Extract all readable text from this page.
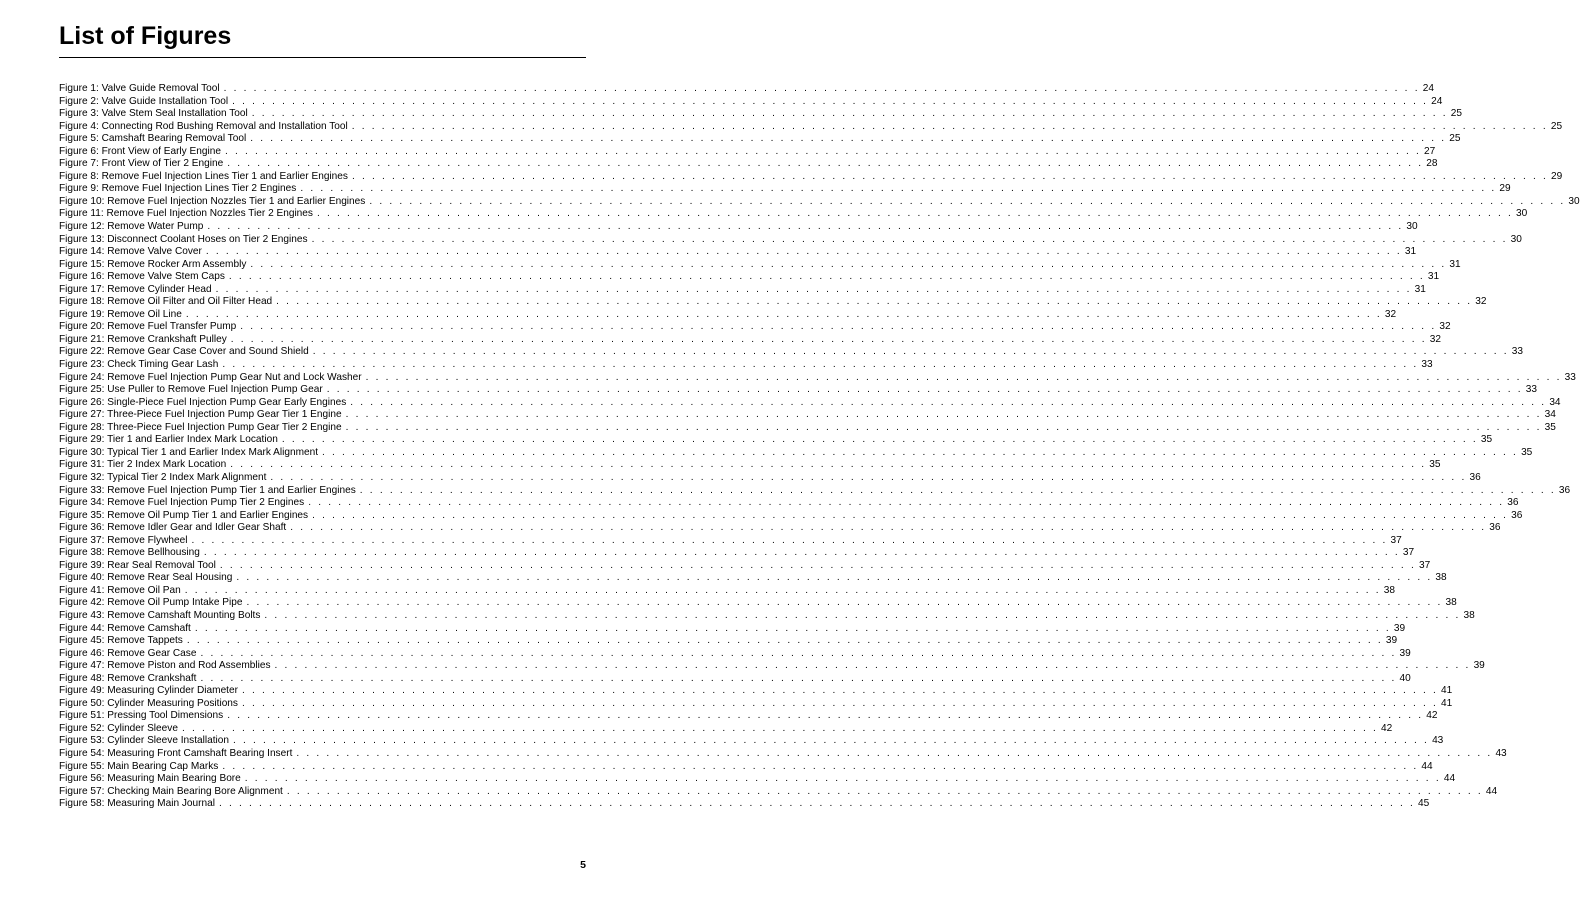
List of Figures
Figure 1: Valve Guide Removal Tool . . . . . . . . . . . . . . . . . . . . . . . . . . . . . . . . . . . . . . . . . . . . . . . . . . . . . . . . . . . . . . . . . . . . . . . . . . . . . . . . . . . . . . . . . . . . . . . . . . . . . . . . . . . . . . . . . . . . . . . . 24
Figure 2: Valve Guide Installation Tool . . . . . . . . . . . . . . . . . . . . . . . . . . . . . . . . . . . . . . . . . . . . . . . . . . . . . . . . . . . . . . . . . . . . . . . . . . . . . . . . . . . . . . . . . . . . . . . . . . . . . . . . . . . . . . . . . . . . . . . . 24
Figure 3: Valve Stem Seal Installation Tool . . . . . . . . . . . . . . . . . . . . . . . . . . . . . . . . . . . . . . . . . . . . . . . . . . . . . . . . . . . . . . . . . . . . . . . . . . . . . . . . . . . . . . . . . . . . . . . . . . . . . . . . . . . . . . . . . . . . . . . . 25
Figure 4: Connecting Rod Bushing Removal and Installation Tool . . . . . . . . . . . . . . . . . . . . . . . . . . . . . . . . . . . . . . . . . . . . . . . . . . . . . . . . . . . . . . . . . . . . . . . . . . . . . . . . . . . . . . . . . . . . . . . . . . . . . . . . . . . . . . . . . . . . . . . . 25
Figure 5: Camshaft Bearing Removal Tool . . . . . . . . . . . . . . . . . . . . . . . . . . . . . . . . . . . . . . . . . . . . . . . . . . . . . . . . . . . . . . . . . . . . . . . . . . . . . . . . . . . . . . . . . . . . . . . . . . . . . . . . . . . . . . . . . . . . . . . . 25
Figure 6: Front View of Early Engine . . . . . . . . . . . . . . . . . . . . . . . . . . . . . . . . . . . . . . . . . . . . . . . . . . . . . . . . . . . . . . . . . . . . . . . . . . . . . . . . . . . . . . . . . . . . . . . . . . . . . . . . . . . . . . . . . . . . . . . . 27
Figure 7: Front View of Tier 2 Engine . . . . . . . . . . . . . . . . . . . . . . . . . . . . . . . . . . . . . . . . . . . . . . . . . . . . . . . . . . . . . . . . . . . . . . . . . . . . . . . . . . . . . . . . . . . . . . . . . . . . . . . . . . . . . . . . . . . . . . . . 28
Figure 8: Remove Fuel Injection Lines Tier 1 and Earlier Engines . . . . . . . . . . . . . . . . . . . . . . . . . . . . . . . . . . . . . . . . . . . . . . . . . . . . . . . . . . . . . . . . . . . . . . . . . . . . . . . . . . . . . . . . . . . . . . . . . . . . . . . . . . . . . . . . . . . . . . . . 29
Figure 9: Remove Fuel Injection Lines Tier 2 Engines . . . . . . . . . . . . . . . . . . . . . . . . . . . . . . . . . . . . . . . . . . . . . . . . . . . . . . . . . . . . . . . . . . . . . . . . . . . . . . . . . . . . . . . . . . . . . . . . . . . . . . . . . . . . . . . . . . . . . . . . 29
Figure 10: Remove Fuel Injection Nozzles Tier 1 and Earlier Engines . . . . . . . . . . . . . . . . . . . . . . . . . . . . . . . . . . . . . . . . . . . . . . . . . . . . . . . . . . . . . . . . . . . . . . . . . . . . . . . . . . . . . . . . . . . . . . . . . . . . . . . . . . . . . . . . . . . . . . . . 30
Figure 11: Remove Fuel Injection Nozzles Tier 2 Engines . . . . . . . . . . . . . . . . . . . . . . . . . . . . . . . . . . . . . . . . . . . . . . . . . . . . . . . . . . . . . . . . . . . . . . . . . . . . . . . . . . . . . . . . . . . . . . . . . . . . . . . . . . . . . . . . . . . . . . . . 30
Figure 12: Remove Water Pump . . . . . . . . . . . . . . . . . . . . . . . . . . . . . . . . . . . . . . . . . . . . . . . . . . . . . . . . . . . . . . . . . . . . . . . . . . . . . . . . . . . . . . . . . . . . . . . . . . . . . . . . . . . . . . . . . . . . . . . . 30
Figure 13: Disconnect Coolant Hoses on Tier 2 Engines . . . . . . . . . . . . . . . . . . . . . . . . . . . . . . . . . . . . . . . . . . . . . . . . . . . . . . . . . . . . . . . . . . . . . . . . . . . . . . . . . . . . . . . . . . . . . . . . . . . . . . . . . . . . . . . . . . . . . . . . 30
Figure 14: Remove Valve Cover . . . . . . . . . . . . . . . . . . . . . . . . . . . . . . . . . . . . . . . . . . . . . . . . . . . . . . . . . . . . . . . . . . . . . . . . . . . . . . . . . . . . . . . . . . . . . . . . . . . . . . . . . . . . . . . . . . . . . . . . 31
Figure 15: Remove Rocker Arm Assembly . . . . . . . . . . . . . . . . . . . . . . . . . . . . . . . . . . . . . . . . . . . . . . . . . . . . . . . . . . . . . . . . . . . . . . . . . . . . . . . . . . . . . . . . . . . . . . . . . . . . . . . . . . . . . . . . . . . . . . . . 31
Figure 16: Remove Valve Stem Caps . . . . . . . . . . . . . . . . . . . . . . . . . . . . . . . . . . . . . . . . . . . . . . . . . . . . . . . . . . . . . . . . . . . . . . . . . . . . . . . . . . . . . . . . . . . . . . . . . . . . . . . . . . . . . . . . . . . . . . . . 31
Figure 17: Remove Cylinder Head . . . . . . . . . . . . . . . . . . . . . . . . . . . . . . . . . . . . . . . . . . . . . . . . . . . . . . . . . . . . . . . . . . . . . . . . . . . . . . . . . . . . . . . . . . . . . . . . . . . . . . . . . . . . . . . . . . . . . . . . 31
Figure 18: Remove Oil Filter and Oil Filter Head . . . . . . . . . . . . . . . . . . . . . . . . . . . . . . . . . . . . . . . . . . . . . . . . . . . . . . . . . . . . . . . . . . . . . . . . . . . . . . . . . . . . . . . . . . . . . . . . . . . . . . . . . . . . . . . . . . . . . . . . 32
Figure 19: Remove Oil Line . . . . . . . . . . . . . . . . . . . . . . . . . . . . . . . . . . . . . . . . . . . . . . . . . . . . . . . . . . . . . . . . . . . . . . . . . . . . . . . . . . . . . . . . . . . . . . . . . . . . . . . . . . . . . . . . . . . . . . . . 32
Figure 20: Remove Fuel Transfer Pump . . . . . . . . . . . . . . . . . . . . . . . . . . . . . . . . . . . . . . . . . . . . . . . . . . . . . . . . . . . . . . . . . . . . . . . . . . . . . . . . . . . . . . . . . . . . . . . . . . . . . . . . . . . . . . . . . . . . . . . . 32
Figure 21: Remove Crankshaft Pulley . . . . . . . . . . . . . . . . . . . . . . . . . . . . . . . . . . . . . . . . . . . . . . . . . . . . . . . . . . . . . . . . . . . . . . . . . . . . . . . . . . . . . . . . . . . . . . . . . . . . . . . . . . . . . . . . . . . . . . . . 32
Figure 22: Remove Gear Case Cover and Sound Shield . . . . . . . . . . . . . . . . . . . . . . . . . . . . . . . . . . . . . . . . . . . . . . . . . . . . . . . . . . . . . . . . . . . . . . . . . . . . . . . . . . . . . . . . . . . . . . . . . . . . . . . . . . . . . . . . . . . . . . . . 33
Figure 23: Check Timing Gear Lash . . . . . . . . . . . . . . . . . . . . . . . . . . . . . . . . . . . . . . . . . . . . . . . . . . . . . . . . . . . . . . . . . . . . . . . . . . . . . . . . . . . . . . . . . . . . . . . . . . . . . . . . . . . . . . . . . . . . . . . . 33
Figure 24: Remove Fuel Injection Pump Gear Nut and Lock Washer . . . . . . . . . . . . . . . . . . . . . . . . . . . . . . . . . . . . . . . . . . . . . . . . . . . . . . . . . . . . . . . . . . . . . . . . . . . . . . . . . . . . . . . . . . . . . . . . . . . . . . . . . . . . . . . . . . . . . . . . 33
Figure 25: Use Puller to Remove Fuel Injection Pump Gear . . . . . . . . . . . . . . . . . . . . . . . . . . . . . . . . . . . . . . . . . . . . . . . . . . . . . . . . . . . . . . . . . . . . . . . . . . . . . . . . . . . . . . . . . . . . . . . . . . . . . . . . . . . . . . . . . . . . . . . . 33
Figure 26: Single-Piece Fuel Injection Pump Gear Early Engines . . . . . . . . . . . . . . . . . . . . . . . . . . . . . . . . . . . . . . . . . . . . . . . . . . . . . . . . . . . . . . . . . . . . . . . . . . . . . . . . . . . . . . . . . . . . . . . . . . . . . . . . . . . . . . . . . . . . . . . . 34
Figure 27: Three-Piece Fuel Injection Pump Gear Tier 1 Engine . . . . . . . . . . . . . . . . . . . . . . . . . . . . . . . . . . . . . . . . . . . . . . . . . . . . . . . . . . . . . . . . . . . . . . . . . . . . . . . . . . . . . . . . . . . . . . . . . . . . . . . . . . . . . . . . . . . . . . . . 34
Figure 28: Three-Piece Fuel Injection Pump Gear Tier 2 Engine . . . . . . . . . . . . . . . . . . . . . . . . . . . . . . . . . . . . . . . . . . . . . . . . . . . . . . . . . . . . . . . . . . . . . . . . . . . . . . . . . . . . . . . . . . . . . . . . . . . . . . . . . . . . . . . . . . . . . . . . 35
Figure 29: Tier 1 and Earlier Index Mark Location . . . . . . . . . . . . . . . . . . . . . . . . . . . . . . . . . . . . . . . . . . . . . . . . . . . . . . . . . . . . . . . . . . . . . . . . . . . . . . . . . . . . . . . . . . . . . . . . . . . . . . . . . . . . . . . . . . . . . . . . 35
Figure 30: Typical Tier 1 and Earlier Index Mark Alignment . . . . . . . . . . . . . . . . . . . . . . . . . . . . . . . . . . . . . . . . . . . . . . . . . . . . . . . . . . . . . . . . . . . . . . . . . . . . . . . . . . . . . . . . . . . . . . . . . . . . . . . . . . . . . . . . . . . . . . . . 35
Figure 31: Tier 2 Index Mark Location . . . . . . . . . . . . . . . . . . . . . . . . . . . . . . . . . . . . . . . . . . . . . . . . . . . . . . . . . . . . . . . . . . . . . . . . . . . . . . . . . . . . . . . . . . . . . . . . . . . . . . . . . . . . . . . . . . . . . . . . 35
Figure 32: Typical Tier 2 Index Mark Alignment . . . . . . . . . . . . . . . . . . . . . . . . . . . . . . . . . . . . . . . . . . . . . . . . . . . . . . . . . . . . . . . . . . . . . . . . . . . . . . . . . . . . . . . . . . . . . . . . . . . . . . . . . . . . . . . . . . . . . . . . 36
Figure 33: Remove Fuel Injection Pump Tier 1 and Earlier Engines . . . . . . . . . . . . . . . . . . . . . . . . . . . . . . . . . . . . . . . . . . . . . . . . . . . . . . . . . . . . . . . . . . . . . . . . . . . . . . . . . . . . . . . . . . . . . . . . . . . . . . . . . . . . . . . . . . . . . . . . 36
Figure 34: Remove Fuel Injection Pump Tier 2 Engines . . . . . . . . . . . . . . . . . . . . . . . . . . . . . . . . . . . . . . . . . . . . . . . . . . . . . . . . . . . . . . . . . . . . . . . . . . . . . . . . . . . . . . . . . . . . . . . . . . . . . . . . . . . . . . . . . . . . . . . . 36
Figure 35: Remove Oil Pump Tier 1 and Earlier Engines . . . . . . . . . . . . . . . . . . . . . . . . . . . . . . . . . . . . . . . . . . . . . . . . . . . . . . . . . . . . . . . . . . . . . . . . . . . . . . . . . . . . . . . . . . . . . . . . . . . . . . . . . . . . . . . . . . . . . . . . 36
Figure 36: Remove Idler Gear and Idler Gear Shaft . . . . . . . . . . . . . . . . . . . . . . . . . . . . . . . . . . . . . . . . . . . . . . . . . . . . . . . . . . . . . . . . . . . . . . . . . . . . . . . . . . . . . . . . . . . . . . . . . . . . . . . . . . . . . . . . . . . . . . . . 36
Figure 37: Remove Flywheel . . . . . . . . . . . . . . . . . . . . . . . . . . . . . . . . . . . . . . . . . . . . . . . . . . . . . . . . . . . . . . . . . . . . . . . . . . . . . . . . . . . . . . . . . . . . . . . . . . . . . . . . . . . . . . . . . . . . . . . . 37
Figure 38: Remove Bellhousing . . . . . . . . . . . . . . . . . . . . . . . . . . . . . . . . . . . . . . . . . . . . . . . . . . . . . . . . . . . . . . . . . . . . . . . . . . . . . . . . . . . . . . . . . . . . . . . . . . . . . . . . . . . . . . . . . . . . . . . . 37
Figure 39: Rear Seal Removal Tool . . . . . . . . . . . . . . . . . . . . . . . . . . . . . . . . . . . . . . . . . . . . . . . . . . . . . . . . . . . . . . . . . . . . . . . . . . . . . . . . . . . . . . . . . . . . . . . . . . . . . . . . . . . . . . . . . . . . . . . . 37
Figure 40: Remove Rear Seal Housing . . . . . . . . . . . . . . . . . . . . . . . . . . . . . . . . . . . . . . . . . . . . . . . . . . . . . . . . . . . . . . . . . . . . . . . . . . . . . . . . . . . . . . . . . . . . . . . . . . . . . . . . . . . . . . . . . . . . . . . . 38
Figure 41: Remove Oil Pan . . . . . . . . . . . . . . . . . . . . . . . . . . . . . . . . . . . . . . . . . . . . . . . . . . . . . . . . . . . . . . . . . . . . . . . . . . . . . . . . . . . . . . . . . . . . . . . . . . . . . . . . . . . . . . . . . . . . . . . . 38
Figure 42: Remove Oil Pump Intake Pipe . . . . . . . . . . . . . . . . . . . . . . . . . . . . . . . . . . . . . . . . . . . . . . . . . . . . . . . . . . . . . . . . . . . . . . . . . . . . . . . . . . . . . . . . . . . . . . . . . . . . . . . . . . . . . . . . . . . . . . . . 38
Figure 43: Remove Camshaft Mounting Bolts . . . . . . . . . . . . . . . . . . . . . . . . . . . . . . . . . . . . . . . . . . . . . . . . . . . . . . . . . . . . . . . . . . . . . . . . . . . . . . . . . . . . . . . . . . . . . . . . . . . . . . . . . . . . . . . . . . . . . . . . 38
Figure 44: Remove Camshaft . . . . . . . . . . . . . . . . . . . . . . . . . . . . . . . . . . . . . . . . . . . . . . . . . . . . . . . . . . . . . . . . . . . . . . . . . . . . . . . . . . . . . . . . . . . . . . . . . . . . . . . . . . . . . . . . . . . . . . . . 39
Figure 45: Remove Tappets . . . . . . . . . . . . . . . . . . . . . . . . . . . . . . . . . . . . . . . . . . . . . . . . . . . . . . . . . . . . . . . . . . . . . . . . . . . . . . . . . . . . . . . . . . . . . . . . . . . . . . . . . . . . . . . . . . . . . . . . 39
Figure 46: Remove Gear Case . . . . . . . . . . . . . . . . . . . . . . . . . . . . . . . . . . . . . . . . . . . . . . . . . . . . . . . . . . . . . . . . . . . . . . . . . . . . . . . . . . . . . . . . . . . . . . . . . . . . . . . . . . . . . . . . . . . . . . . . 39
Figure 47: Remove Piston and Rod Assemblies . . . . . . . . . . . . . . . . . . . . . . . . . . . . . . . . . . . . . . . . . . . . . . . . . . . . . . . . . . . . . . . . . . . . . . . . . . . . . . . . . . . . . . . . . . . . . . . . . . . . . . . . . . . . . . . . . . . . . . . . 39
Figure 48: Remove Crankshaft . . . . . . . . . . . . . . . . . . . . . . . . . . . . . . . . . . . . . . . . . . . . . . . . . . . . . . . . . . . . . . . . . . . . . . . . . . . . . . . . . . . . . . . . . . . . . . . . . . . . . . . . . . . . . . . . . . . . . . . . 40
Figure 49: Measuring Cylinder Diameter . . . . . . . . . . . . . . . . . . . . . . . . . . . . . . . . . . . . . . . . . . . . . . . . . . . . . . . . . . . . . . . . . . . . . . . . . . . . . . . . . . . . . . . . . . . . . . . . . . . . . . . . . . . . . . . . . . . . . . . . 41
Figure 50: Cylinder Measuring Positions . . . . . . . . . . . . . . . . . . . . . . . . . . . . . . . . . . . . . . . . . . . . . . . . . . . . . . . . . . . . . . . . . . . . . . . . . . . . . . . . . . . . . . . . . . . . . . . . . . . . . . . . . . . . . . . . . . . . . . . . 41
Figure 51: Pressing Tool Dimensions . . . . . . . . . . . . . . . . . . . . . . . . . . . . . . . . . . . . . . . . . . . . . . . . . . . . . . . . . . . . . . . . . . . . . . . . . . . . . . . . . . . . . . . . . . . . . . . . . . . . . . . . . . . . . . . . . . . . . . . . 42
Figure 52: Cylinder Sleeve . . . . . . . . . . . . . . . . . . . . . . . . . . . . . . . . . . . . . . . . . . . . . . . . . . . . . . . . . . . . . . . . . . . . . . . . . . . . . . . . . . . . . . . . . . . . . . . . . . . . . . . . . . . . . . . . . . . . . . . . 42
Figure 53: Cylinder Sleeve Installation . . . . . . . . . . . . . . . . . . . . . . . . . . . . . . . . . . . . . . . . . . . . . . . . . . . . . . . . . . . . . . . . . . . . . . . . . . . . . . . . . . . . . . . . . . . . . . . . . . . . . . . . . . . . . . . . . . . . . . . . 43
Figure 54: Measuring Front Camshaft Bearing Insert . . . . . . . . . . . . . . . . . . . . . . . . . . . . . . . . . . . . . . . . . . . . . . . . . . . . . . . . . . . . . . . . . . . . . . . . . . . . . . . . . . . . . . . . . . . . . . . . . . . . . . . . . . . . . . . . . . . . . . . . 43
Figure 55: Main Bearing Cap Marks . . . . . . . . . . . . . . . . . . . . . . . . . . . . . . . . . . . . . . . . . . . . . . . . . . . . . . . . . . . . . . . . . . . . . . . . . . . . . . . . . . . . . . . . . . . . . . . . . . . . . . . . . . . . . . . . . . . . . . . . 44
Figure 56: Measuring Main Bearing Bore . . . . . . . . . . . . . . . . . . . . . . . . . . . . . . . . . . . . . . . . . . . . . . . . . . . . . . . . . . . . . . . . . . . . . . . . . . . . . . . . . . . . . . . . . . . . . . . . . . . . . . . . . . . . . . . . . . . . . . . . 44
Figure 57: Checking Main Bearing Bore Alignment . . . . . . . . . . . . . . . . . . . . . . . . . . . . . . . . . . . . . . . . . . . . . . . . . . . . . . . . . . . . . . . . . . . . . . . . . . . . . . . . . . . . . . . . . . . . . . . . . . . . . . . . . . . . . . . . . . . . . . . . 44
Figure 58: Measuring Main Journal . . . . . . . . . . . . . . . . . . . . . . . . . . . . . . . . . . . . . . . . . . . . . . . . . . . . . . . . . . . . . . . . . . . . . . . . . . . . . . . . . . . . . . . . . . . . . . . . . . . . . . . . . . . . . . . . . . . . . . . . 45
5
